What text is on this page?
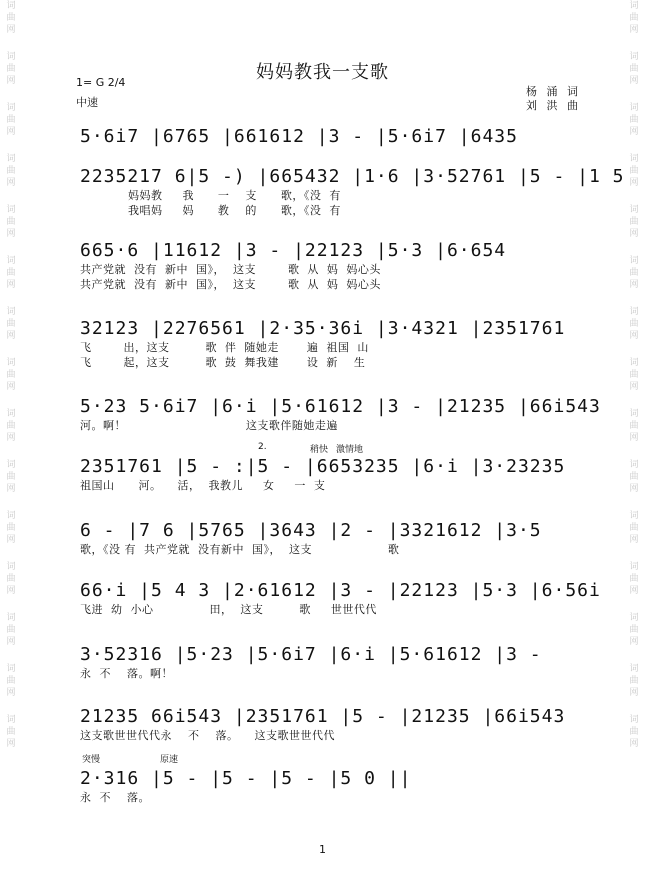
词
曲
网
词
曲
网
词
曲
网
词
曲
网
词
曲
网
词
曲
网
词
曲
网
词
曲
网
词
曲
网
词
曲
网
词
曲
网
词
曲
网
词
曲
网
词
曲
网
词
曲
网
词
曲
网
词
曲
网
词
曲
网
词
曲
网
词
曲
网
词
曲
网
词
曲
网
词
曲
网
词
曲
网
词
曲
网
词
曲
网
词
曲
网
词
曲
网
词
曲
网
词
曲
网
妈妈教我一支歌
1= G 2/4
中速
杨 涌 词
刘 洪 曲
5·6i7 |6765 |661612 |3 - |5·6i7 |6435
2235217 6|5 -) |665432 |1·6 |3·52761 |5 - |1 5
妈妈教     我      一    支      歌，《没  有
我唱妈     妈      教    的      歌，《没  有
665·6 |11612 |3 - |22123 |5·3 |6·654
共产党就  没有  新中  国》，  这支        歌  从  妈  妈心头
共产党就  没有  新中  国》，  这支        歌  从  妈  妈心头
32123 |2276561 |2·35·36i |3·4321 |2351761
飞        出，这支         歌  伴  随她走       遍  祖国  山
飞        起，这支         歌  鼓  舞我建       设  新    生
5·23 5·6i7 |6·i |5·61612 |3 - |21235 |66i543
河。啊！                              这支歌伴随她走遍
2351761 |5 - :|5 - |6653235 |6·i |3·23235
祖国山      河。    活，  我教儿     女     一  支
6 - |7 6 |5765 |3643 |2 - |3321612 |3·5
歌，《没 有  共产党就  没有新中  国》，  这支                   歌
66·i |5 4 3 |2·61612 |3 - |22123 |5·3 |6·56i
飞进  幼  小心              田，  这支         歌     世世代代
3·52316 |5·23 |5·6i7 |6·i |5·61612 |3 -
永  不    落。啊！
21235 66i543 |2351761 |5 - |21235 |66i543
这支歌世世代代永    不    落。    这支歌世世代代
2·316 |5 - |5 - |5 - |5 0 ||
永  不    落。
2.	稍快 激情地
突慢	原速
1
